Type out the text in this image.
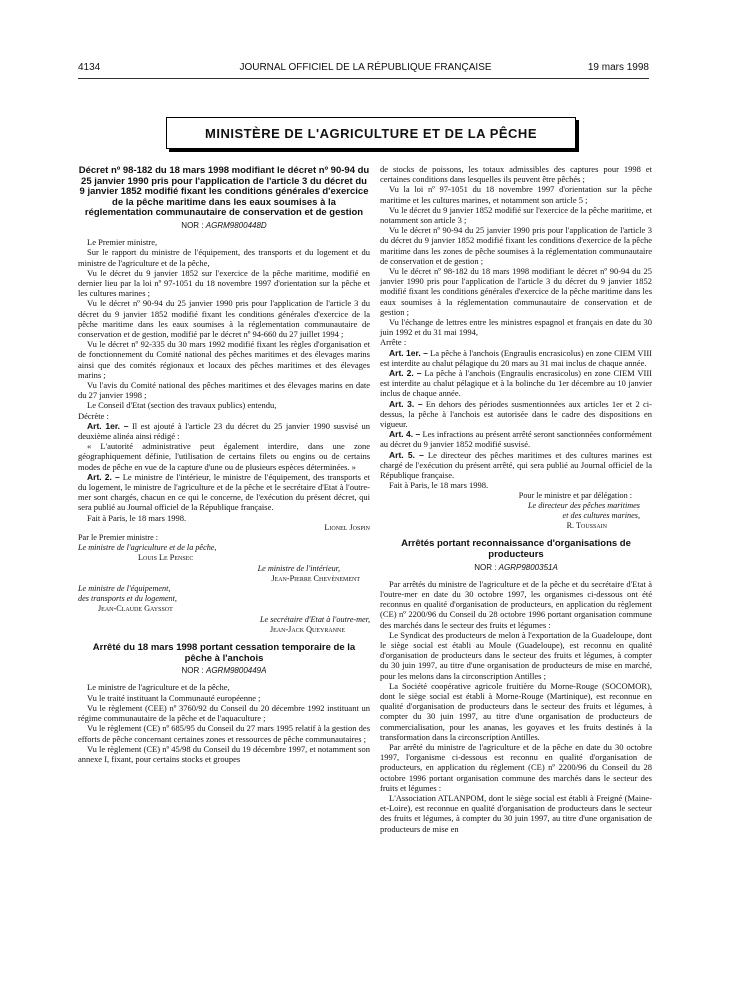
4134	JOURNAL OFFICIEL DE LA RÉPUBLIQUE FRANÇAISE	19 mars 1998
MINISTÈRE DE L'AGRICULTURE ET DE LA PÊCHE
Décret nº 98-182 du 18 mars 1998 modifiant le décret nº 90-94 du 25 janvier 1990 pris pour l'application de l'article 3 du décret du 9 janvier 1852 modifié fixant les conditions générales d'exercice de la pêche maritime dans les eaux soumises à la réglementation communautaire de conservation et de gestion
NOR : AGRM9800448D

Le Premier ministre,

Sur le rapport du ministre de l'équipement, des transports et du logement et du ministre de l'agriculture et de la pêche,

Vu le décret du 9 janvier 1852 sur l'exercice de la pêche maritime, modifié en dernier lieu par la loi nº 97-1051 du 18 novembre 1997 d'orientation sur la pêche et les cultures marines ;

Vu le décret nº 90-94 du 25 janvier 1990 pris pour l'application de l'article 3 du décret du 9 janvier 1852 modifié fixant les conditions générales d'exercice de la pêche maritime dans les eaux soumises à la réglementation communautaire de conservation et de gestion, modifié par le décret nº 94-660 du 27 juillet 1994 ;

Vu le décret nº 92-335 du 30 mars 1992 modifié fixant les règles d'organisation et de fonctionnement du Comité national des pêches maritimes et des élevages marins ainsi que des comités régionaux et locaux des pêches maritimes et des élevages marins ;

Vu l'avis du Comité national des pêches maritimes et des élevages marins en date du 27 janvier 1998 ;

Le Conseil d'Etat (section des travaux publics) entendu,

Décrète :

Art. 1er. – Il est ajouté à l'article 23 du décret du 25 janvier 1990 susvisé un deuxième alinéa ainsi rédigé :

« L'autorité administrative peut également interdire, dans une zone géographiquement définie, l'utilisation de certains filets ou engins ou de certains modes de pêche en vue de la capture d'une ou de plusieurs espèces déterminées. »

Art. 2. – Le ministre de l'intérieur, le ministre de l'équipement, des transports et du logement, le ministre de l'agriculture et de la pêche et le secrétaire d'Etat à l'outre-mer sont chargés, chacun en ce qui le concerne, de l'exécution du présent décret, qui sera publié au Journal officiel de la République française.

Fait à Paris, le 18 mars 1998.

Lionel Jospin

Par le Premier ministre :

Le ministre de l'agriculture et de la pêche,

Louis Le Pensec

Le ministre de l'intérieur,

Jean-Pierre Chevènement

Le ministre de l'équipement,
des transports et du logement,

Jean-Claude Gayssot

Le secrétaire d'Etat à l'outre-mer,

Jean-Jack Queyranne

Arrêté du 18 mars 1998 portant cessation temporaire de la pêche à l'anchois
NOR : AGRM9800449A

Le ministre de l'agriculture et de la pêche,

Vu le traité instituant la Communauté européenne ;

Vu le règlement (CEE) nº 3760/92 du Conseil du 20 décembre 1992 instituant un régime communautaire de la pêche et de l'aquaculture ;

Vu le règlement (CE) nº 685/95 du Conseil du 27 mars 1995 relatif à la gestion des efforts de pêche concernant certaines zones et ressources de pêche communautaires ;

Vu le règlement (CE) nº 45/98 du Conseil du 19 décembre 1997, et notamment son annexe I, fixant, pour certains stocks et groupes

de stocks de poissons, les totaux admissibles des captures pour 1998 et certaines conditions dans lesquelles ils peuvent être pêchés ;

Vu la loi nº 97-1051 du 18 novembre 1997 d'orientation sur la pêche maritime et les cultures marines, et notamment son article 5 ;

Vu le décret du 9 janvier 1852 modifié sur l'exercice de la pêche maritime, et notamment son article 3 ;

Vu le décret nº 90-94 du 25 janvier 1990 pris pour l'application de l'article 3 du décret du 9 janvier 1852 modifié fixant les conditions d'exercice de la pêche maritime dans les zones de pêche soumises à la réglementation communautaire de conservation et de gestion ;

Vu le décret nº 98-182 du 18 mars 1998 modifiant le décret nº 90-94 du 25 janvier 1990 pris pour l'application de l'article 3 du décret du 9 janvier 1852 modifié fixant les conditions générales d'exercice de la pêche maritime dans les eaux soumises à la réglementation communautaire de conservation et de gestion ;

Vu l'échange de lettres entre les ministres espagnol et français en date du 30 juin 1992 et du 31 mai 1994,

Arrête :

Art. 1er. – La pêche à l'anchois (Engraulis encrasicolus) en zone CIEM VIII est interdite au chalut pélagique du 20 mars au 31 mai inclus de chaque année.

Art. 2. – La pêche à l'anchois (Engraulis encrasicolus) en zone CIEM VIII est interdite au chalut pélagique et à la bolinche du 1er décembre au 10 janvier inclus de chaque année.

Art. 3. – En dehors des périodes susmentionnées aux articles 1er et 2 ci-dessus, la pêche à l'anchois est autorisée dans le cadre des dispositions en vigueur.

Art. 4. – Les infractions au présent arrêté seront sanctionnées conformément au décret du 9 janvier 1852 modifié susvisé.

Art. 5. – Le directeur des pêches maritimes et des cultures marines est chargé de l'exécution du présent arrêté, qui sera publié au Journal officiel de la République française.

Fait à Paris, le 18 mars 1998.

Pour le ministre et par délégation :

Le directeur des pêches maritimes
et des cultures marines,

R. Toussain

Arrêtés portant reconnaissance d'organisations de producteurs
NOR : AGRP9800351A

Par arrêtés du ministre de l'agriculture et de la pêche et du secrétaire d'Etat à l'outre-mer en date du 30 octobre 1997, les organismes ci-dessous ont été reconnus en qualité d'organisation de producteurs, en application du règlement (CE) nº 2200/96 du Conseil du 28 octobre 1996 portant organisation commune des marchés dans le secteur des fruits et légumes :

Le Syndicat des producteurs de melon à l'exportation de la Guadeloupe, dont le siège social est établi au Moule (Guadeloupe), est reconnu en qualité d'organisation de producteurs dans le secteur des fruits et légumes, à compter du 30 juin 1997, au titre d'une organisation de producteurs de mise en marché, pour les melons dans la circonscription Antilles ;

La Société coopérative agricole fruitière du Morne-Rouge (SOCOMOR), dont le siège social est établi à Morne-Rouge (Martinique), est reconnue en qualité d'organisation de producteurs dans le secteur des fruits et légumes, à compter du 30 juin 1997, au titre d'une organisation de producteurs de commercialisation, pour les ananas, les goyaves et les fruits destinés à la transformation dans la circonscription Antilles.

Par arrêté du ministre de l'agriculture et de la pêche en date du 30 octobre 1997, l'organisme ci-dessous est reconnu en qualité d'organisation de producteurs, en application du règlement (CE) nº 2200/96 du Conseil du 28 octobre 1996 portant organisation commune des marchés dans le secteur des fruits et légumes :

L'Association ATLANPOM, dont le siège social est établi à Freigné (Maine-et-Loire), est reconnue en qualité d'organisation de producteurs dans le secteur des fruits et légumes, à compter du 30 juin 1997, au titre d'une organisation de producteurs de mise en
